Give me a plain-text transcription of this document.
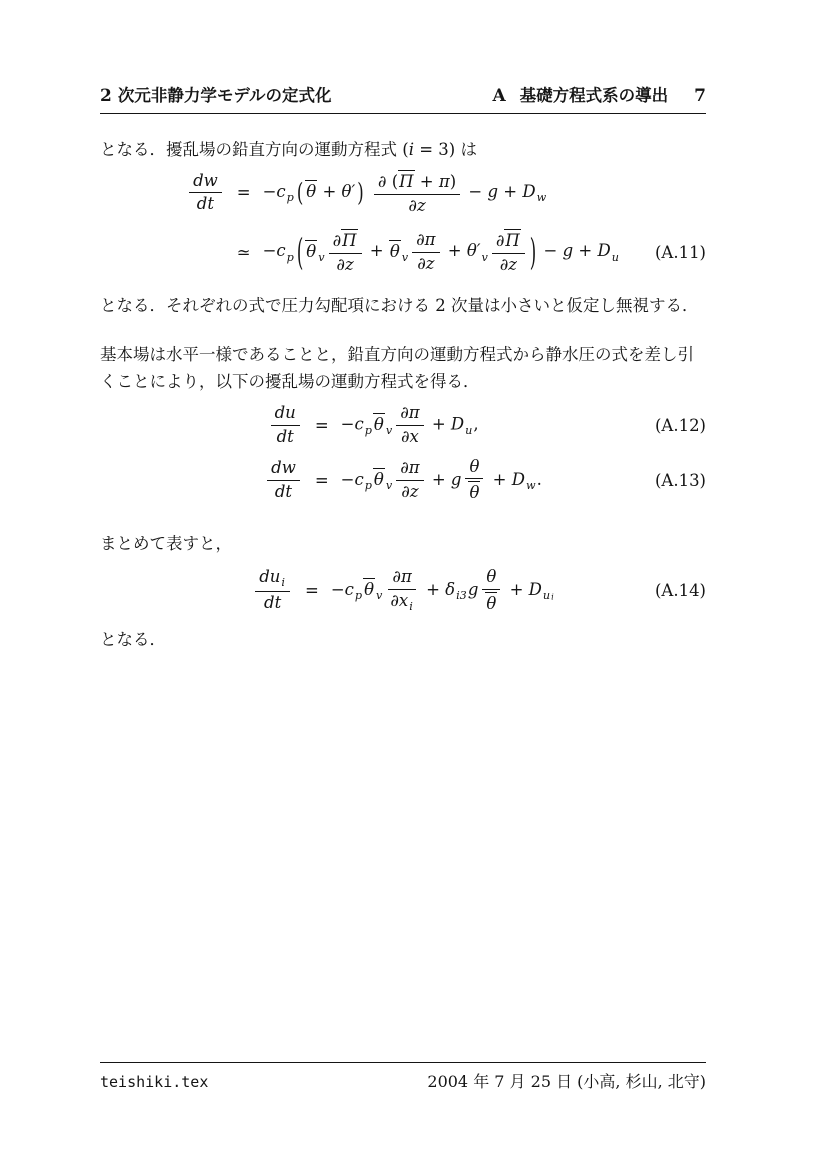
2 次元非静力学モデルの定式化	A 基礎方程式系の導出 7

となる．擾乱場の鉛直方向の運動方程式 (i = 3) は

$\frac{dw}{dt} = -c_p$ ( θ + θ′ ) $\frac{\partial (\Pi + \pi)}{\partial z} - g + D_w$
≃ $-c_p$ ( θ $_v \frac{\partial\Pi}{\partial z} + \theta$ $_v \frac{\partial\pi}{\partial z} + \theta'_v \frac{\partial\Pi}{\partial z}$ ) − $g + D_u$ (A.11)

となる．それぞれの式で圧力勾配項における 2 次量は小さいと仮定し無視する．

基本場は水平一様であることと，鉛直方向の運動方程式から静水圧の式を差し引くことにより，以下の擾乱場の運動方程式を得る．

$\frac{du}{dt} = -c_p$ θ $_v \frac{\partial\pi}{\partial x} + D_u$,	(A.12)
$\frac{dw}{dt} = -c_p$ θ $_v \frac{\partial\pi}{\partial z} + g \frac{\theta}{\theta} + D_w$.	(A.13)

まとめて表すと，

$\frac{du_i}{dt} = -c_p$ θ $_v \frac{\partial\pi}{\partial x_i} + \delta_{i3}g \frac{\theta}{\theta} + D_{ui}$	(A.14)

となる．

teishiki.tex	2004 年 7 月 25 日 (小高, 杉山, 北守)
